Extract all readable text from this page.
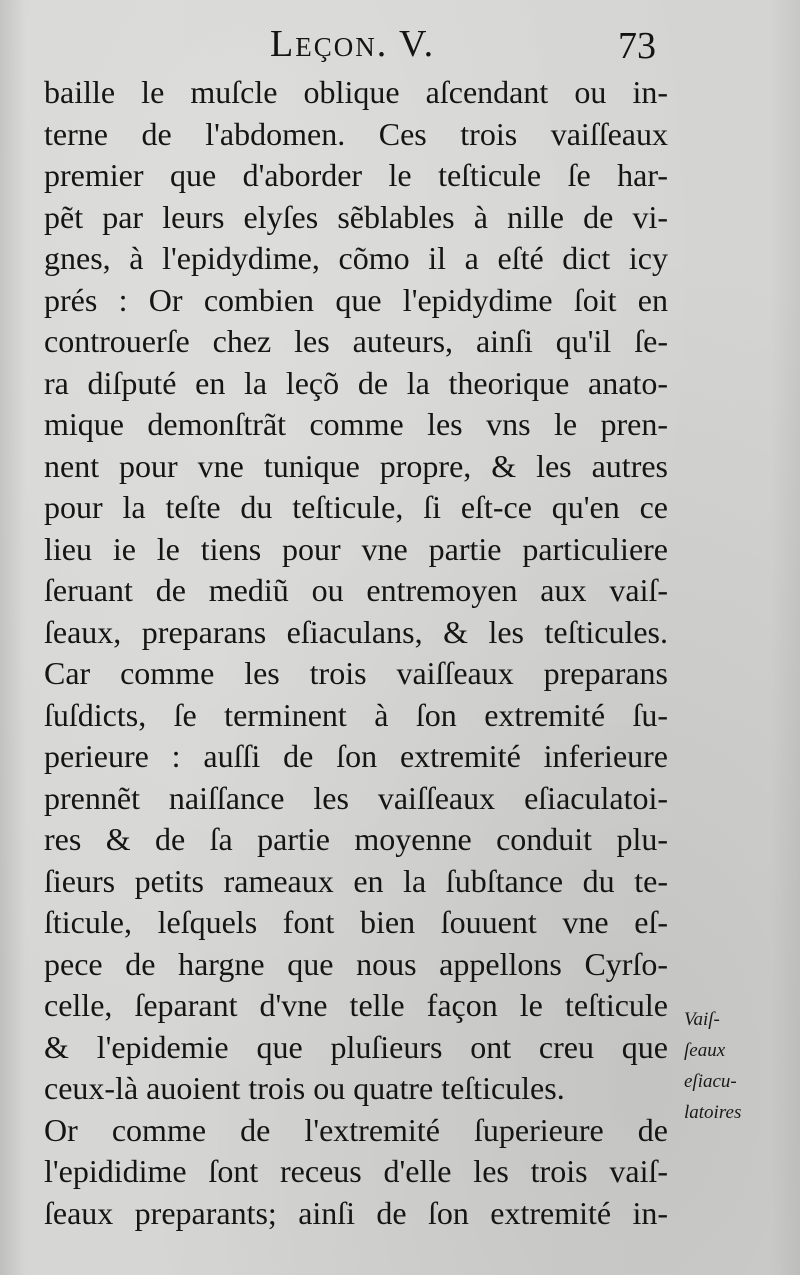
Leçon. V.	73
baille le muſcle oblique aſcendant ou in-
terne de l'abdomen. Ces trois vaiſſeaux
premier que d'aborder le teſticule ſe har-
pẽt par leurs elyſes sẽblables à nille de vi-
gnes, à l'epidydime, cõmo il a eſté dict icy
prés : Or combien que l'epidydime ſoit en
controuerſe chez les auteurs, ainſi qu'il ſe-
ra diſputé en la leçõ de la theorique anato-
mique demonſtrãt comme les vns le pren-
nent pour vne tunique propre, & les autres
pour la teſte du teſticule, ſi eſt-ce qu'en ce
lieu ie le tiens pour vne partie particuliere
ſeruant de mediũ ou entremoyen aux vaiſ-
ſeaux, preparans eſiaculans, & les teſticules.
Car comme les trois vaiſſeaux preparans
ſuſdicts, ſe terminent à ſon extremité ſu-
perieure : auſſi de ſon extremité inferieure
prennẽt naiſſance les vaiſſeaux eſiaculatoi-
res & de ſa partie moyenne conduit plu-
ſieurs petits rameaux en la ſubſtance du te-
ſticule, leſquels font bien ſouuent vne eſ-
pece de hargne que nous appellons Cyrſo-
celle, ſeparant d'vne telle façon le teſticule
& l'epidemie que pluſieurs ont creu que
ceux-là auoient trois ou quatre teſticules.
Or comme de l'extremité ſuperieure de
l'epididime ſont receus d'elle les trois vaiſ-
ſeaux preparants; ainſi de ſon extremité in-
Vaiſ-
ſeaux
eſiacu-
latoires
